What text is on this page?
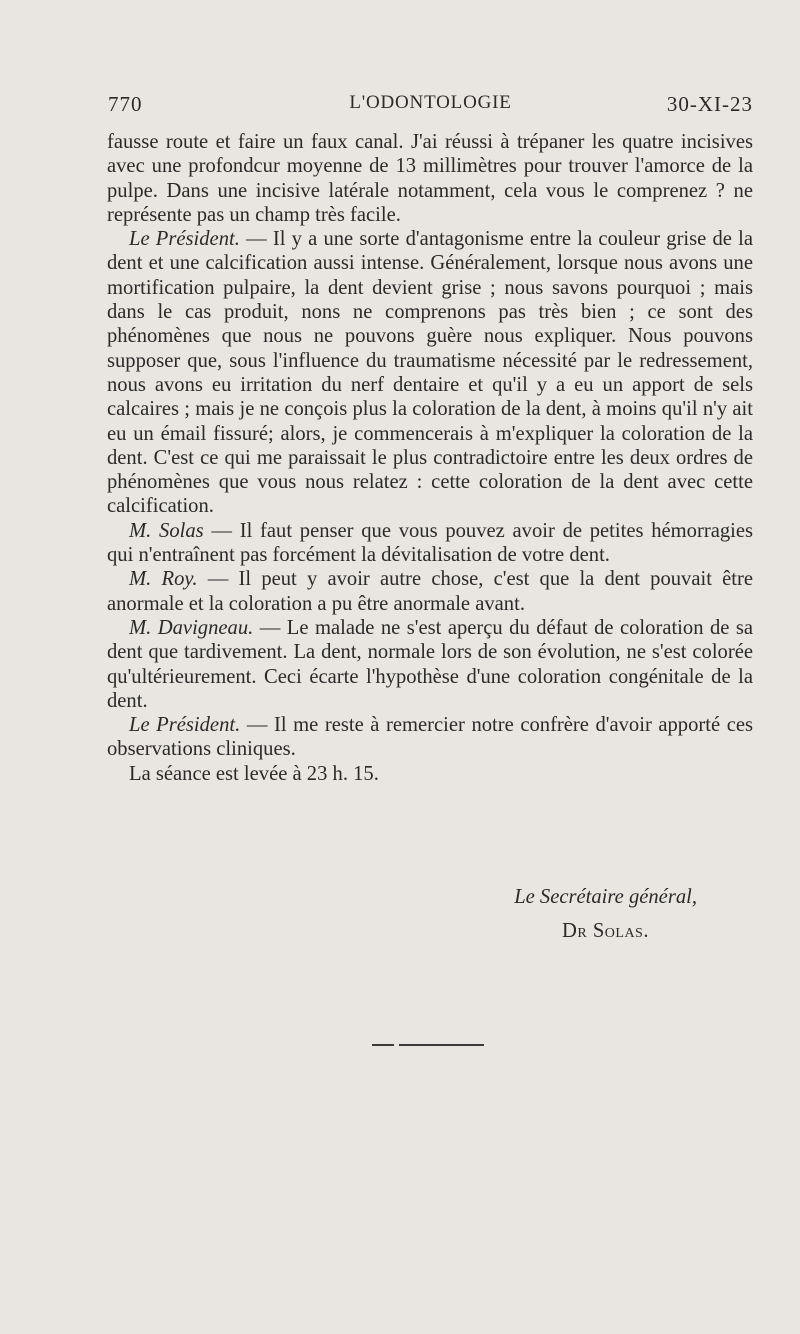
770	L'ODONTOLOGIE	30-XI-23

fausse route et faire un faux canal. J'ai réussi à trépaner les quatre incisives avec une profondcur moyenne de 13 millimètres pour trouver l'amorce de la pulpe. Dans une incisive latérale notamment, cela vous le comprenez ? ne représente pas un champ très facile.

Le Président. — Il y a une sorte d'antagonisme entre la couleur grise de la dent et une calcification aussi intense. Généralement, lorsque nous avons une mortification pulpaire, la dent devient grise ; nous savons pourquoi ; mais dans le cas produit, nons ne comprenons pas très bien ; ce sont des phénomènes que nous ne pouvons guère nous expliquer. Nous pouvons supposer que, sous l'influence du traumatisme nécessité par le redressement, nous avons eu irritation du nerf dentaire et qu'il y a eu un apport de sels calcaires ; mais je ne conçois plus la coloration de la dent, à moins qu'il n'y ait eu un émail fissuré; alors, je commencerais à m'expliquer la coloration de la dent. C'est ce qui me paraissait le plus contradictoire entre les deux ordres de phénomènes que vous nous relatez : cette coloration de la dent avec cette calcification.

M. Solas — Il faut penser que vous pouvez avoir de petites hémorragies qui n'entraînent pas forcément la dévitalisation de votre dent.

M. Roy. — Il peut y avoir autre chose, c'est que la dent pouvait être anormale et la coloration a pu être anormale avant.

M. Davigneau. — Le malade ne s'est aperçu du défaut de coloration de sa dent que tardivement. La dent, normale lors de son évolution, ne s'est colorée qu'ultérieurement. Ceci écarte l'hypothèse d'une coloration congénitale de la dent.

Le Président. — Il me reste à remercier notre confrère d'avoir apporté ces observations cliniques.

La séance est levée à 23 h. 15.

Le Secrétaire général,
Dr Solas.
